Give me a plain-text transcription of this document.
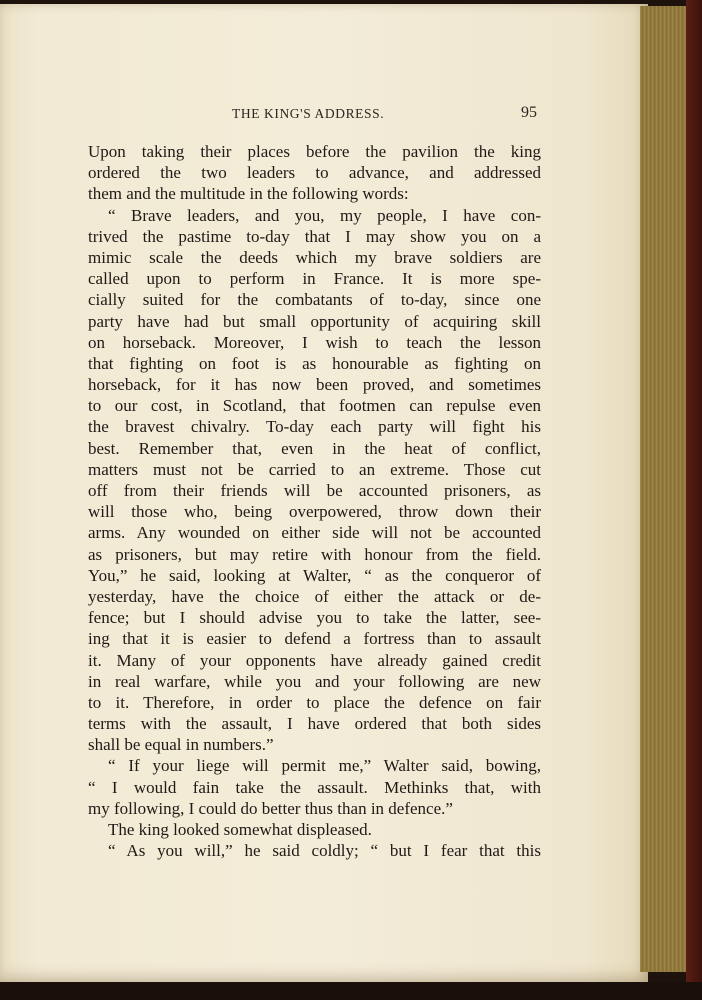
THE KING'S ADDRESS.	95
Upon taking their places before the pavilion the king
ordered the two leaders to advance, and addressed
them and the multitude in the following words:
“ Brave leaders, and you, my people, I have con-
trived the pastime to-day that I may show you on a
mimic scale the deeds which my brave soldiers are
called upon to perform in France. It is more spe-
cially suited for the combatants of to-day, since one
party have had but small opportunity of acquiring skill
on horseback. Moreover, I wish to teach the lesson
that fighting on foot is as honourable as fighting on
horseback, for it has now been proved, and sometimes
to our cost, in Scotland, that footmen can repulse even
the bravest chivalry. To-day each party will fight his
best. Remember that, even in the heat of conflict,
matters must not be carried to an extreme. Those cut
off from their friends will be accounted prisoners, as
will those who, being overpowered, throw down their
arms. Any wounded on either side will not be accounted
as prisoners, but may retire with honour from the field.
You,” he said, looking at Walter, “ as the conqueror of
yesterday, have the choice of either the attack or de-
fence; but I should advise you to take the latter, see-
ing that it is easier to defend a fortress than to assault
it. Many of your opponents have already gained credit
in real warfare, while you and your following are new
to it. Therefore, in order to place the defence on fair
terms with the assault, I have ordered that both sides
shall be equal in numbers.”
“ If your liege will permit me,” Walter said, bowing,
“ I would fain take the assault. Methinks that, with
my following, I could do better thus than in defence.”
The king looked somewhat displeased.
“ As you will,” he said coldly; “ but I fear that this
